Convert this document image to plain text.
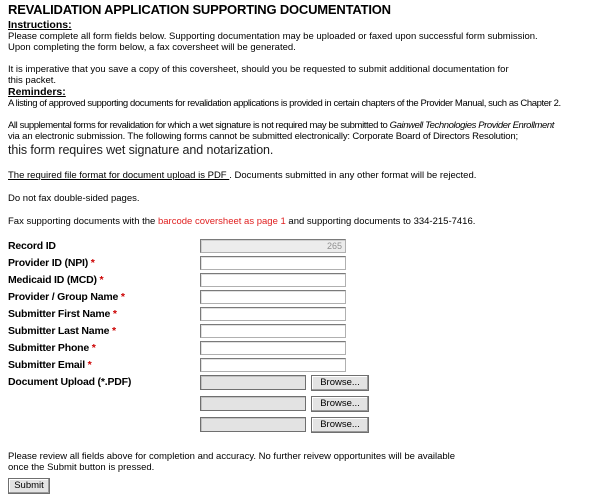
REVALIDATION APPLICATION SUPPORTING DOCUMENTATION
Instructions:
Please complete all form fields below. Supporting documentation may be uploaded or faxed upon successful form submission.
Upon completing the form below, a fax coversheet will be generated.
It is imperative that you save a copy of this coversheet, should you be requested to submit additional documentation for
this packet.
Reminders:
A listing of approved supporting documents for revalidation applications is provided in certain chapters of the Provider Manual, such as Chapter 2.
All supplemental forms for revalidation for which a wet signature is not required may be submitted to Gainwell Technologies Provider Enrollment
via an electronic submission. The following forms cannot be submitted electronically: Corporate Board of Directors Resolution;
this form requires wet signature and notarization.
The required file format for document upload is PDF . Documents submitted in any other format will be rejected.
Do not fax double-sided pages.
Fax supporting documents with the barcode coversheet as page 1 and supporting documents to 334-215-7416.
Record ID
265
Provider ID (NPI) *
Medicaid ID (MCD) *
Provider / Group Name *
Submitter First Name *
Submitter Last Name *
Submitter Phone *
Submitter Email *
Document Upload (*.PDF)	Browse...
Browse...
Browse...
Please review all fields above for completion and accuracy. No further reivew opportunites will be available
once the Submit button is pressed.
Submit
